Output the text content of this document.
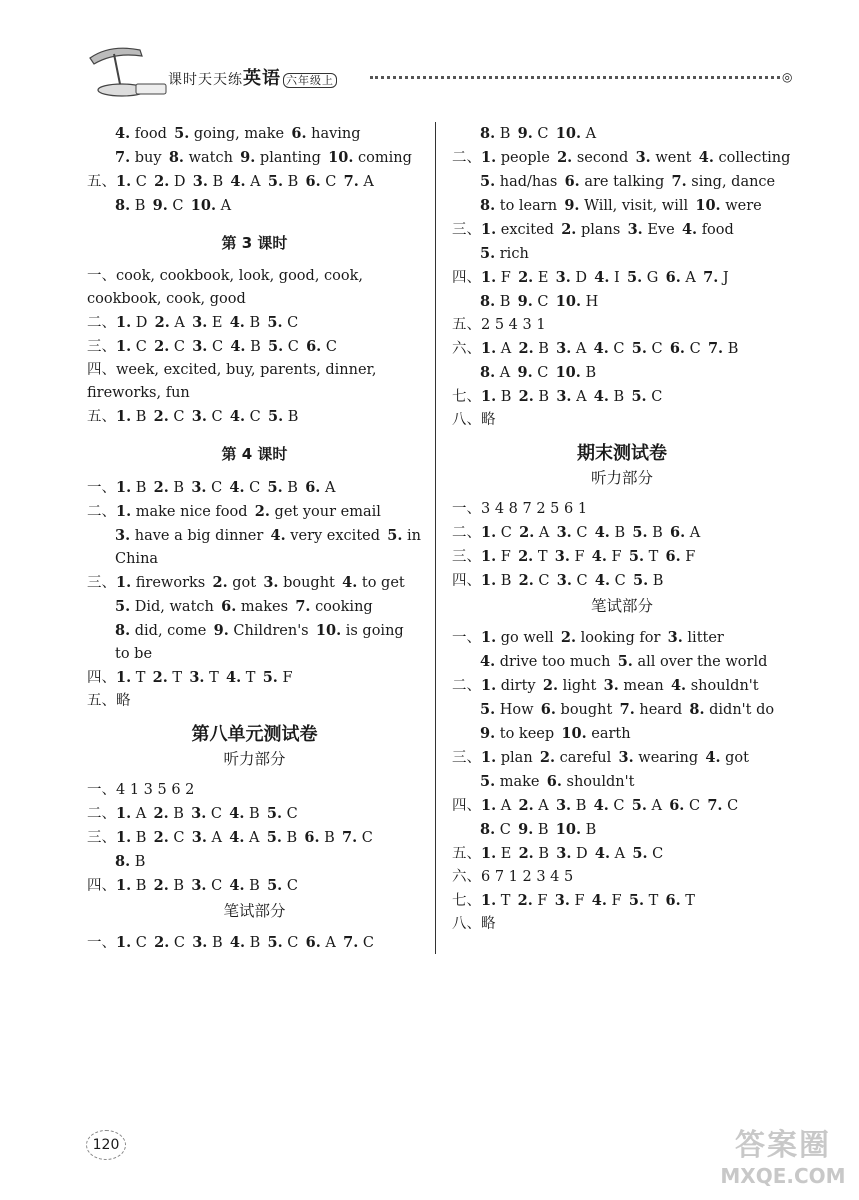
课时天天练英语 六年级上	◎
4. food  5. going, make  6. having
7. buy  8. watch  9. planting  10. coming
五、1. C  2. D  3. B  4. A  5. B  6. C  7. A
8. B  9. C  10. A
第 3 课时
一、cook, cookbook, look, good, cook, cookbook, cook, good
二、1. D  2. A  3. E  4. B  5. C
三、1. C  2. C  3. C  4. B  5. C  6. C
四、week, excited, buy, parents, dinner, fireworks, fun
五、1. B  2. C  3. C  4. C  5. B
第 4 课时
一、1. B  2. B  3. C  4. C  5. B  6. A
二、1. make nice food  2. get your email
3. have a big dinner  4. very excited  5. in China
三、1. fireworks  2. got  3. bought  4. to get
5. Did, watch  6. makes  7. cooking
8. did, come  9. Children's  10. is going to be
四、1. T  2. T  3. T  4. T  5. F
五、略
第八单元测试卷
听力部分
一、4 1 3 5 6 2
二、1. A  2. B  3. C  4. B  5. C
三、1. B  2. C  3. A  4. A  5. B  6. B  7. C
8. B
四、1. B  2. B  3. C  4. B  5. C
笔试部分
一、1. C  2. C  3. B  4. B  5. C  6. A  7. C
8. B  9. C  10. A
二、1. people  2. second  3. went  4. collecting
5. had/has  6. are talking  7. sing, dance
8. to learn  9. Will, visit, will  10. were
三、1. excited  2. plans  3. Eve  4. food
5. rich
四、1. F  2. E  3. D  4. I  5. G  6. A  7. J
8. B  9. C  10. H
五、2 5 4 3 1
六、1. A  2. B  3. A  4. C  5. C  6. C  7. B
8. A  9. C  10. B
七、1. B  2. B  3. A  4. B  5. C
八、略
期末测试卷
听力部分
一、3 4 8 7 2 5 6 1
二、1. C  2. A  3. C  4. B  5. B  6. A
三、1. F  2. T  3. F  4. F  5. T  6. F
四、1. B  2. C  3. C  4. C  5. B
笔试部分
一、1. go well  2. looking for  3. litter
4. drive too much  5. all over the world
二、1. dirty  2. light  3. mean  4. shouldn't
5. How  6. bought  7. heard  8. didn't do
9. to keep  10. earth
三、1. plan  2. careful  3. wearing  4. got
5. make  6. shouldn't
四、1. A  2. A  3. B  4. C  5. A  6. C  7. C
8. C  9. B  10. B
五、1. E  2. B  3. D  4. A  5. C
六、6 7 1 2 3 4 5
七、1. T  2. F  3. F  4. F  5. T  6. T
八、略
120	答案圈
MXQE.COM
